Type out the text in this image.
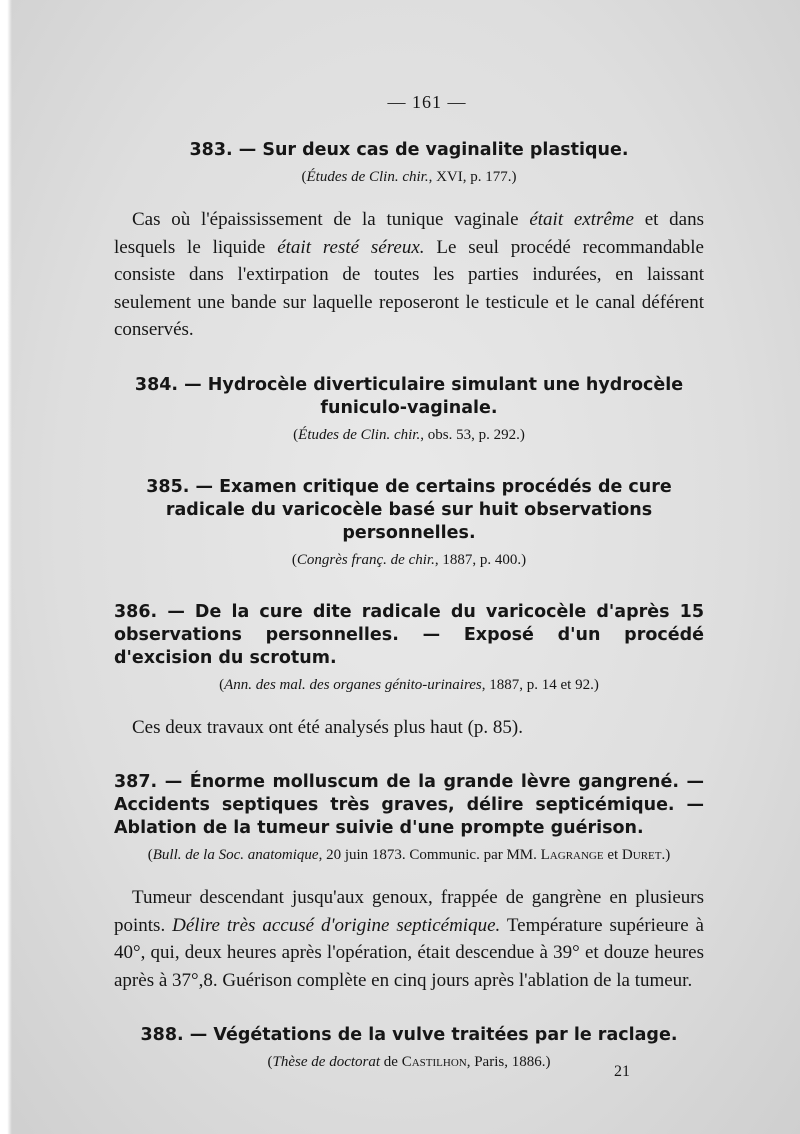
— 161 —

383. — Sur deux cas de vaginalite plastique.

(Études de Clin. chir., XVI, p. 177.)

Cas où l'épaississement de la tunique vaginale était extrême et dans lesquels le liquide était resté séreux. Le seul procédé recommandable consiste dans l'extirpation de toutes les parties indurées, en laissant seulement une bande sur laquelle reposeront le testicule et le canal déférent conservés.

384. — Hydrocèle diverticulaire simulant une hydrocèle funiculo-vaginale.

(Études de Clin. chir., obs. 53, p. 292.)

385. — Examen critique de certains procédés de cure radicale du varicocèle basé sur huit observations personnelles.

(Congrès franç. de chir., 1887, p. 400.)

386. — De la cure dite radicale du varicocèle d'après 15 observations personnelles. — Exposé d'un procédé d'excision du scrotum.

(Ann. des mal. des organes génito-urinaires, 1887, p. 14 et 92.)

Ces deux travaux ont été analysés plus haut (p. 85).

387. — Énorme molluscum de la grande lèvre gangrené. — Accidents septiques très graves, délire septicémique. — Ablation de la tumeur suivie d'une prompte guérison.

(Bull. de la Soc. anatomique, 20 juin 1873. Communic. par MM. Lagrange et Duret.)

Tumeur descendant jusqu'aux genoux, frappée de gangrène en plusieurs points. Délire très accusé d'origine septicémique. Température supérieure à 40°, qui, deux heures après l'opération, était descendue à 39° et douze heures après à 37°,8. Guérison complète en cinq jours après l'ablation de la tumeur.

388. — Végétations de la vulve traitées par le raclage.

(Thèse de doctorat de Castilhon, Paris, 1886.)

21
